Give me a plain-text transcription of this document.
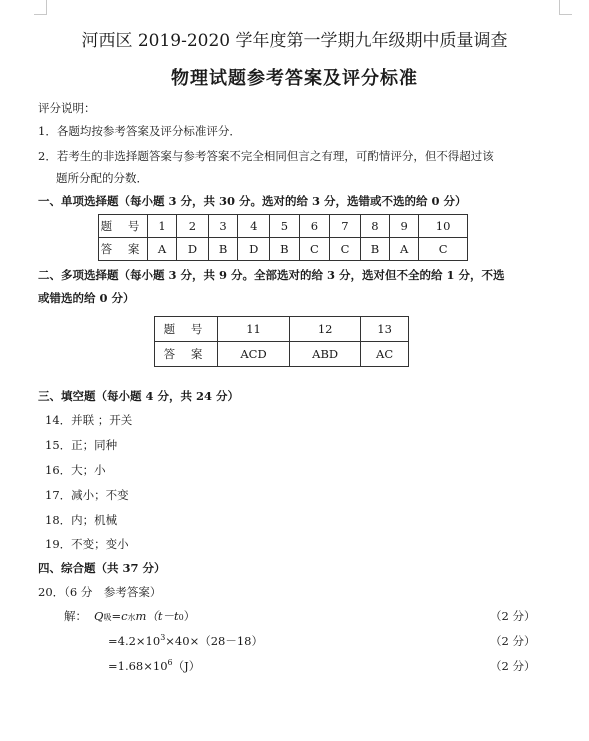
河西区 2019-2020 学年度第一学期九年级期中质量调查
物理试题参考答案及评分标准
评分说明：
1．各题均按参考答案及评分标准评分．
2．若考生的非选择题答案与参考答案不完全相同但言之有理，可酌情评分，但不得超过该
题所分配的分数．
一、单项选择题（每小题 3 分，共 30 分。选对的给 3 分，选错或不选的给 0 分）
题 号	1	2	3	4	5	6	7	8	9	10
答 案	A	D	B	D	B	C	C	B	A	C
二、多项选择题（每小题 3 分，共 9 分。全部选对的给 3 分，选对但不全的给 1 分，不选
或错选的给 0 分）
题 号	11	12	13
答 案	ACD	ABD	AC
三、填空题（每小题 4 分，共 24 分）
14．并联 ；开关
15．正；同种
16．大；小
17．减小；不变
18．内；机械
19．不变；变小
四、综合题（共 37 分）
20．（6 分　参考答案）
解： Q吸=c水m（t－t0）	（2 分）
$=4.2\times 10^3\times 40\times(28-18)$	（2 分）
$=1.68\times 10^6(J)$	（2 分）
